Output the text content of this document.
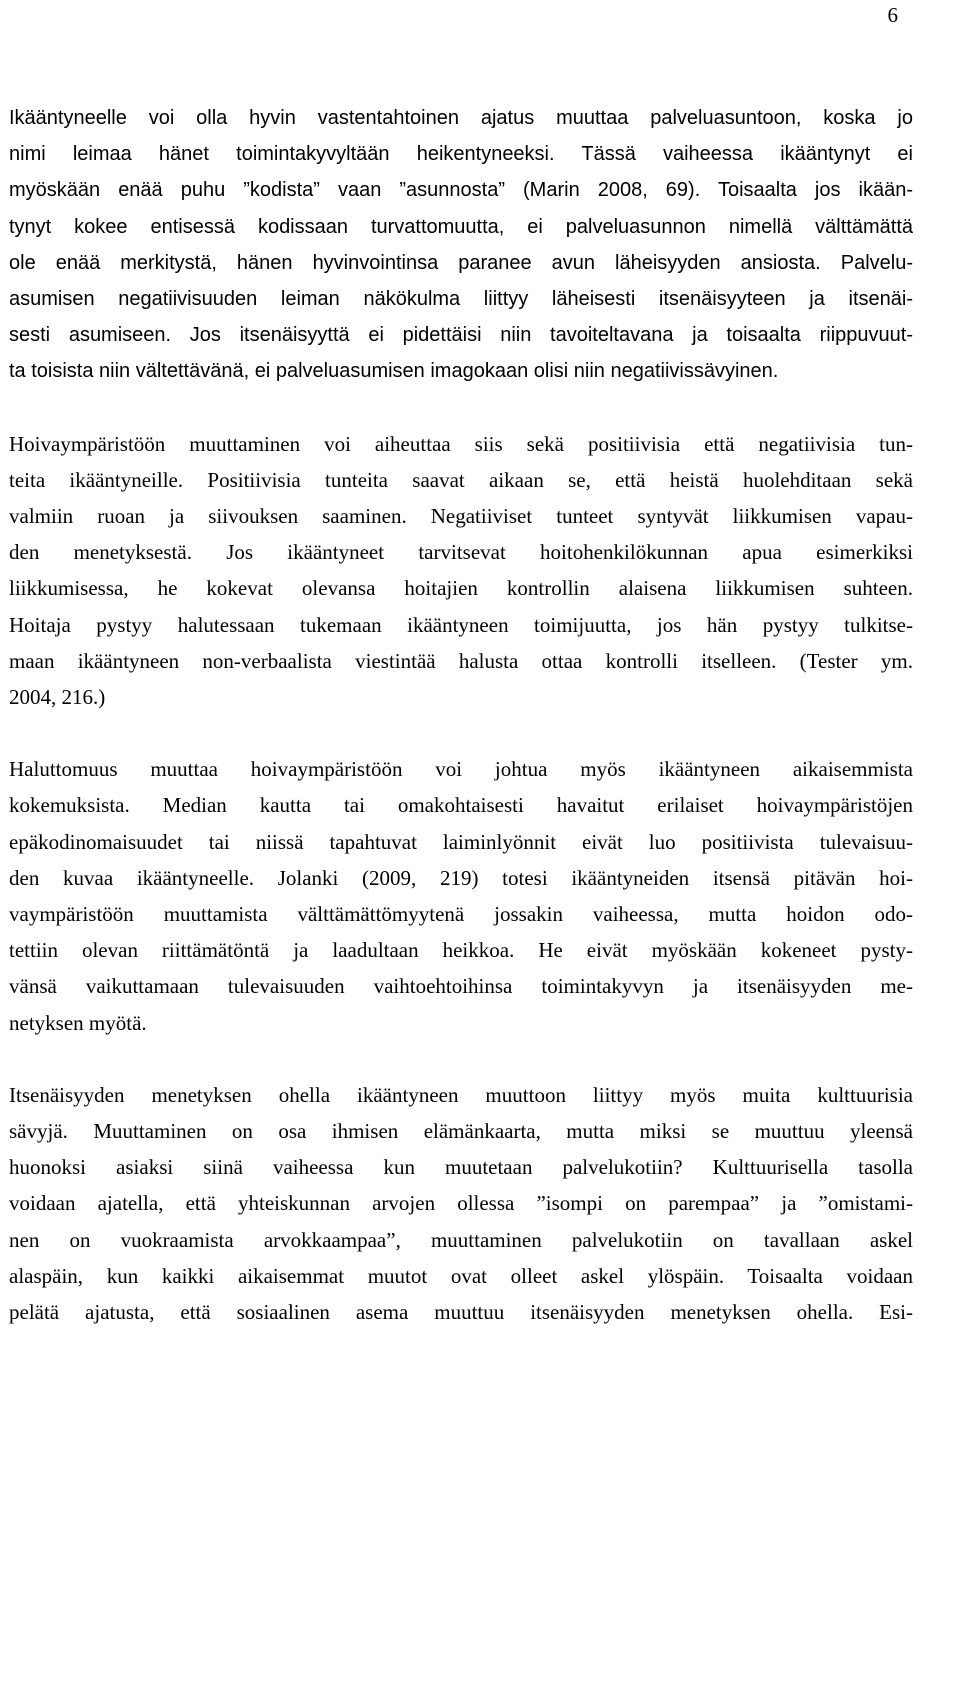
6

Ikääntyneelle voi olla hyvin vastentahtoinen ajatus muuttaa palveluasuntoon, koska jo
nimi leimaa hänet toimintakyvyltään heikentyneeksi. Tässä vaiheessa ikääntynyt ei
myöskään enää puhu ”kodista” vaan ”asunnosta” (Marin 2008, 69). Toisaalta jos ikään-
tynyt kokee entisessä kodissaan turvattomuutta, ei palveluasunnon nimellä välttämättä
ole enää merkitystä, hänen hyvinvointinsa paranee avun läheisyyden ansiosta. Palvelu-
asumisen negatiivisuuden leiman näkökulma liittyy läheisesti itsenäisyyteen ja itsenäi-
sesti asumiseen. Jos itsenäisyyttä ei pidettäisi niin tavoiteltavana ja toisaalta riippuvuut-
ta toisista niin vältettävänä, ei palveluasumisen imagokaan olisi niin negatiivissävyinen.

Hoivaympäristöön muuttaminen voi aiheuttaa siis sekä positiivisia että negatiivisia tun-
teita ikääntyneille. Positiivisia tunteita saavat aikaan se, että heistä huolehditaan sekä
valmiin ruoan ja siivouksen saaminen. Negatiiviset tunteet syntyvät liikkumisen vapau-
den menetyksestä. Jos ikääntyneet tarvitsevat hoitohenkilökunnan apua esimerkiksi
liikkumisessa, he kokevat olevansa hoitajien kontrollin alaisena liikkumisen suhteen.
Hoitaja pystyy halutessaan tukemaan ikääntyneen toimijuutta, jos hän pystyy tulkitse-
maan ikääntyneen non-verbaalista viestintää halusta ottaa kontrolli itselleen. (Tester ym.
2004, 216.)

Haluttomuus muuttaa hoivaympäristöön voi johtua myös ikääntyneen aikaisemmista
kokemuksista. Median kautta tai omakohtaisesti havaitut erilaiset hoivaympäristöjen
epäkodinomaisuudet tai niissä tapahtuvat laiminlyönnit eivät luo positiivista tulevaisuu-
den kuvaa ikääntyneelle. Jolanki (2009, 219) totesi ikääntyneiden itsensä pitävän hoi-
vaympäristöön muuttamista välttämättömyytenä jossakin vaiheessa, mutta hoidon odo-
tettiin olevan riittämätöntä ja laadultaan heikkoa. He eivät myöskään kokeneet pysty-
vänsä vaikuttamaan tulevaisuuden vaihtoehtoihinsa toimintakyvyn ja itsenäisyyden me-
netyksen myötä.

Itsenäisyyden menetyksen ohella ikääntyneen muuttoon liittyy myös muita kulttuurisia
sävyjä. Muuttaminen on osa ihmisen elämänkaarta, mutta miksi se muuttuu yleensä
huonoksi asiaksi siinä vaiheessa kun muutetaan palvelukotiin? Kulttuurisella tasolla
voidaan ajatella, että yhteiskunnan arvojen ollessa ”isompi on parempaa” ja ”omistami-
nen on vuokraamista arvokkaampaa”, muuttaminen palvelukotiin on tavallaan askel
alaspäin, kun kaikki aikaisemmat muutot ovat olleet askel ylöspäin. Toisaalta voidaan
pelätä ajatusta, että sosiaalinen asema muuttuu itsenäisyyden menetyksen ohella. Esi-
